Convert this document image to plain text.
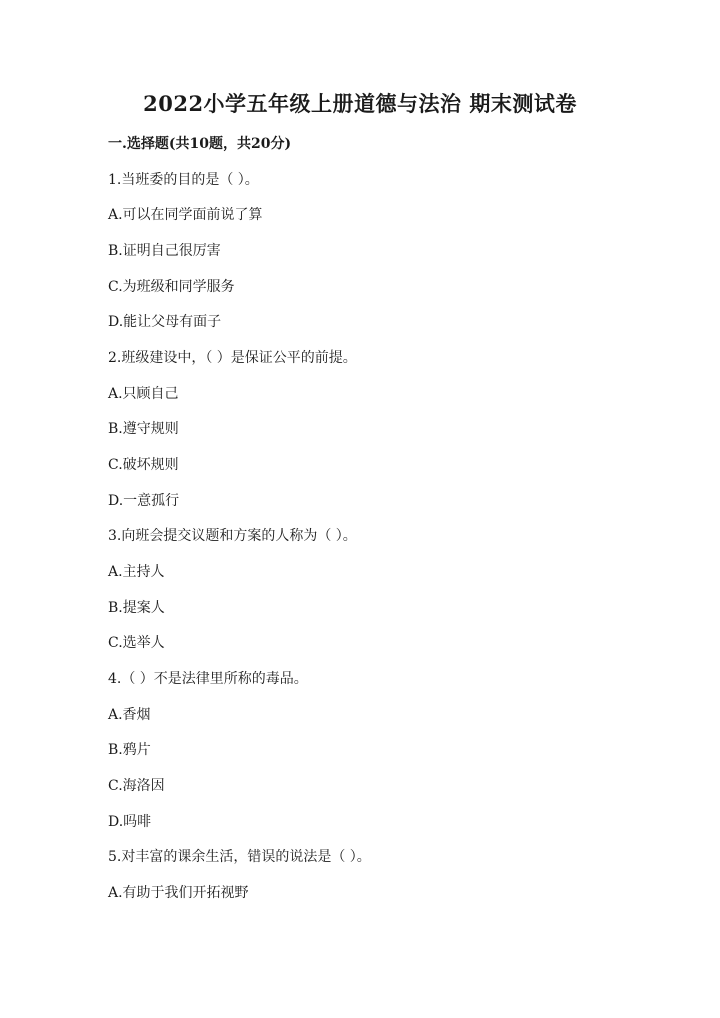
2022小学五年级上册道德与法治 期末测试卷
一.选择题(共10题，共20分)
1.当班委的目的是（ ）。
A.可以在同学面前说了算
B.证明自己很厉害
C.为班级和同学服务
D.能让父母有面子
2.班级建设中，（ ）是保证公平的前提。
A.只顾自己
B.遵守规则
C.破坏规则
D.一意孤行
3.向班会提交议题和方案的人称为（ ）。
A.主持人
B.提案人
C.选举人
4.（ ）不是法律里所称的毒品。
A.香烟
B.鸦片
C.海洛因
D.吗啡
5.对丰富的课余生活，错误的说法是（ ）。
A.有助于我们开拓视野
